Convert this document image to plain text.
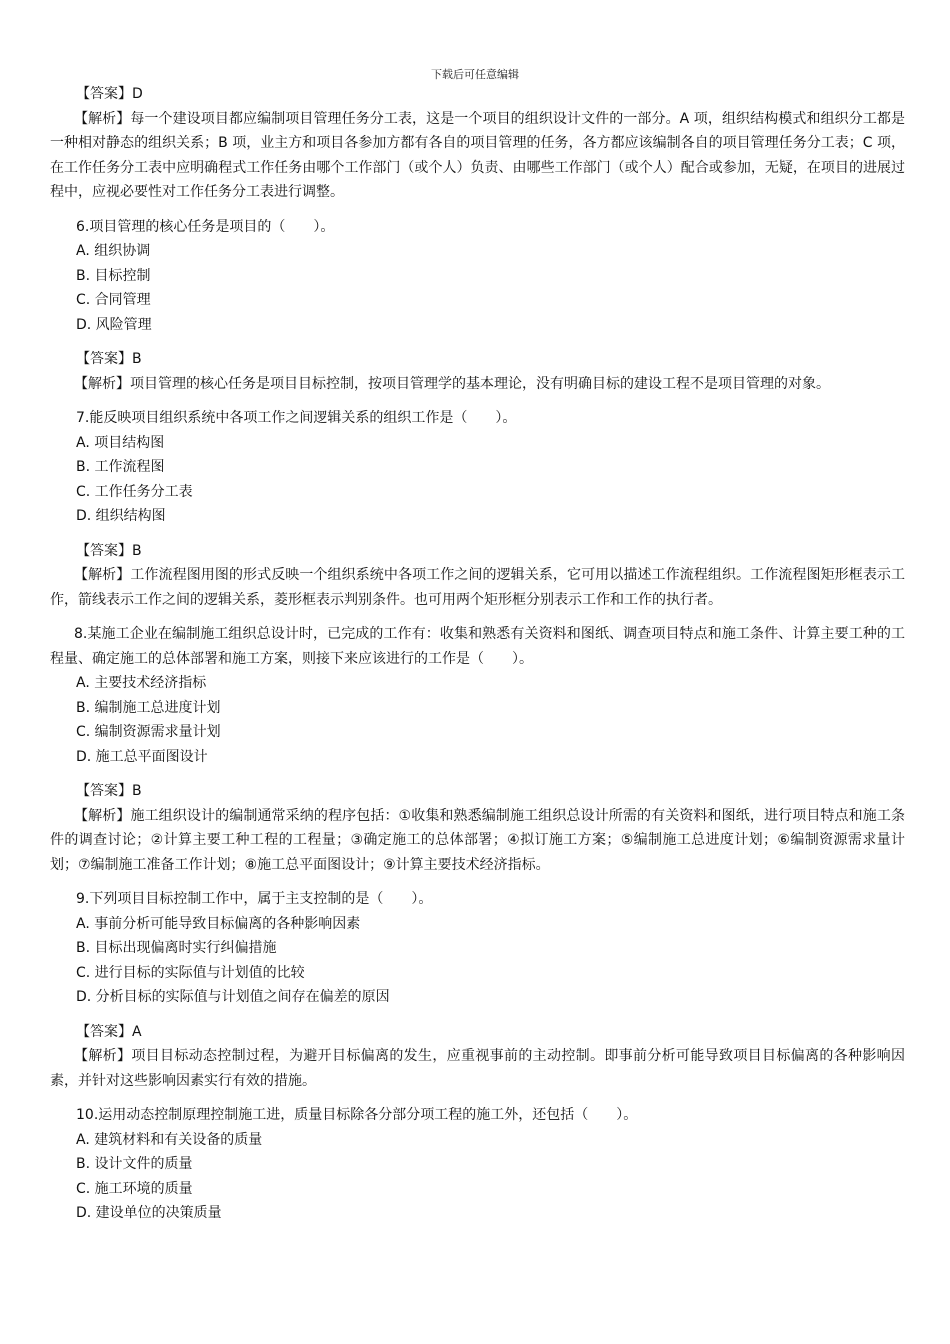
下载后可任意编辑
【答案】D
【解析】每一个建设项目都应编制项目管理任务分工表，这是一个项目的组织设计文件的一部分。A 项，组织结构模式和组织分工都是一种相对静态的组织关系；B 项，业主方和项目各参加方都有各自的项目管理的任务，各方都应该编制各自的项目管理任务分工表；C 项，在工作任务分工表中应明确程式工作任务由哪个工作部门（或个人）负责、由哪些工作部门（或个人）配合或参加，无疑，在项目的进展过程中，应视必要性对工作任务分工表进行调整。
6.项目管理的核心任务是项目的（　　）。
A. 组织协调
B. 目标控制
C. 合同管理
D. 风险管理
【答案】B
【解析】项目管理的核心任务是项目目标控制，按项目管理学的基本理论，没有明确目标的建设工程不是项目管理的对象。
7.能反映项目组织系统中各项工作之间逻辑关系的组织工作是（　　）。
A. 项目结构图
B. 工作流程图
C. 工作任务分工表
D. 组织结构图
【答案】B
【解析】工作流程图用图的形式反映一个组织系统中各项工作之间的逻辑关系，它可用以描述工作流程组织。工作流程图矩形框表示工作，箭线表示工作之间的逻辑关系，菱形框表示判别条件。也可用两个矩形框分别表示工作和工作的执行者。
8.某施工企业在编制施工组织总设计时，已完成的工作有：收集和熟悉有关资料和图纸、调查项目特点和施工条件、计算主要工种的工程量、确定施工的总体部署和施工方案，则接下来应该进行的工作是（　　）。
A. 主要技术经济指标
B. 编制施工总进度计划
C. 编制资源需求量计划
D. 施工总平面图设计
【答案】B
【解析】施工组织设计的编制通常采纳的程序包括：①收集和熟悉编制施工组织总设计所需的有关资料和图纸，进行项目特点和施工条件的调查讨论；②计算主要工种工程的工程量；③确定施工的总体部署；④拟订施工方案；⑤编制施工总进度计划；⑥编制资源需求量计划；⑦编制施工准备工作计划；⑧施工总平面图设计；⑨计算主要技术经济指标。
9.下列项目目标控制工作中，属于主支控制的是（　　）。
A. 事前分析可能导致目标偏离的各种影响因素
B. 目标出现偏离时实行纠偏措施
C. 进行目标的实际值与计划值的比较
D. 分析目标的实际值与计划值之间存在偏差的原因
【答案】A
【解析】项目目标动态控制过程，为避开目标偏离的发生，应重视事前的主动控制。即事前分析可能导致项目目标偏离的各种影响因素，并针对这些影响因素实行有效的措施。
10.运用动态控制原理控制施工进，质量目标除各分部分项工程的施工外，还包括（　　）。
A. 建筑材料和有关设备的质量
B. 设计文件的质量
C. 施工环境的质量
D. 建设单位的决策质量
